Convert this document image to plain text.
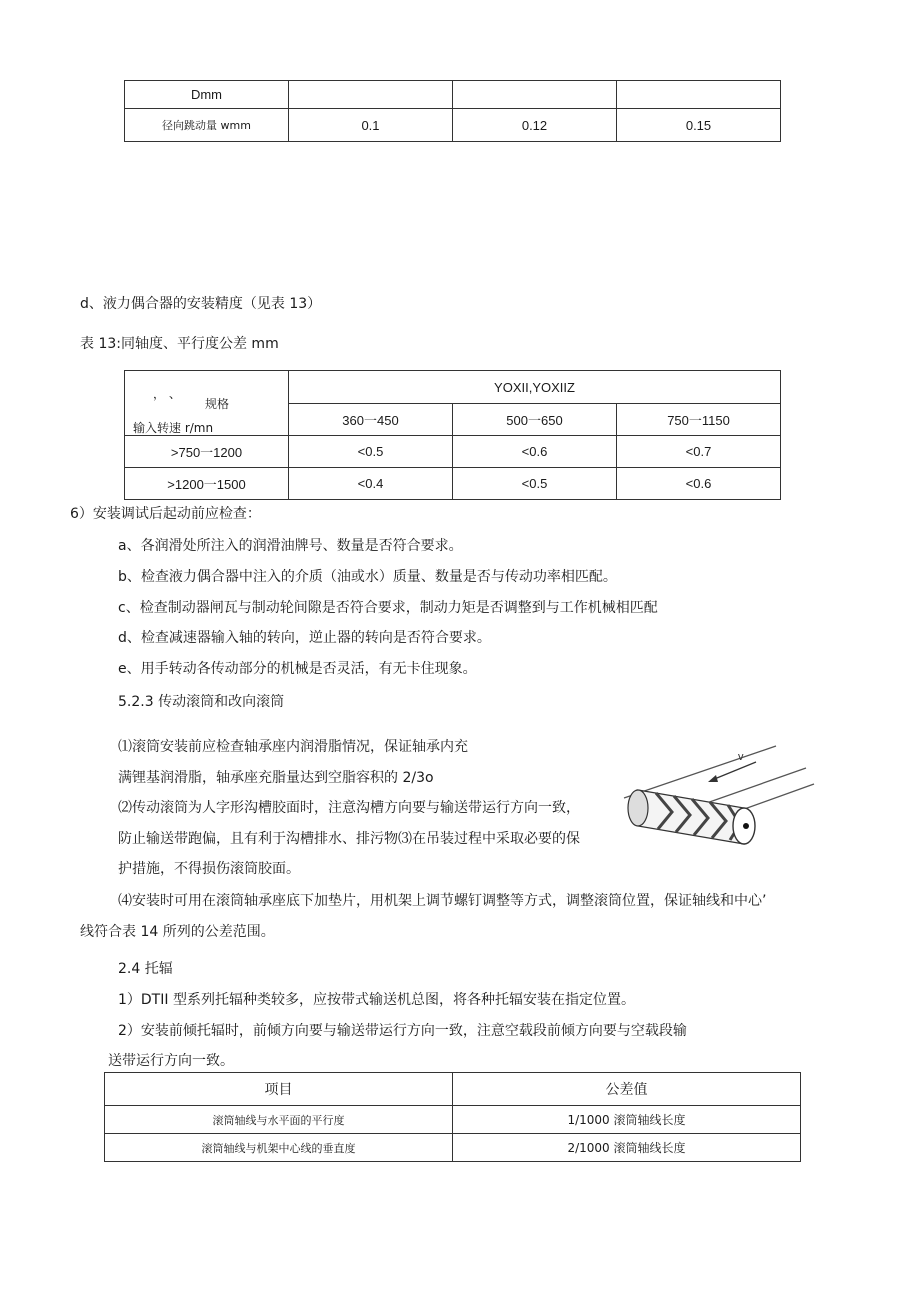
Dmm			
径向跳动量 wmm	0.1	0.12	0.15
d、液力偶合器的安装精度（见表 13）
表 13:同轴度、平行度公差 mm
， 、
规格
输入转速 r/mn	YOXII,YOXIIZ		
	360一450	500一650	750一1150
>750一1200	<0.5	<0.6	<0.7
>1200一1500	<0.4	<0.5	<0.6
6）安装调试后起动前应检查：
a、各润滑处所注入的润滑油牌号、数量是否符合要求。
b、检查液力偶合器中注入的介质（油或水）质量、数量是否与传动功率相匹配。
c、检查制动器闸瓦与制动轮间隙是否符合要求，制动力矩是否调整到与工作机械相匹配
d、检查减速器输入轴的转向，逆止器的转向是否符合要求。
e、用手转动各传动部分的机械是否灵活，有无卡住现象。
5.2.3 传动滚筒和改向滚筒
⑴滚筒安装前应检查轴承座内润滑脂情况，保证轴承内充
满锂基润滑脂，轴承座充脂量达到空脂容积的 2/3o
⑵传动滚筒为人字形沟槽胶面时，注意沟槽方向要与输送带运行方向一致，
防止输送带跑偏，且有利于沟槽排水、排污物⑶在吊装过程中采取必要的保
护措施，不得损伤滚筒胶面。
⑷安装时可用在滚筒轴承座底下加垫片，用机架上调节螺钉调整等方式，调整滚筒位置，保证轴线和中心’
线符合表 14 所列的公差范围。
v
2.4 托辐
1）DTII 型系列托辐种类较多，应按带式输送机总图，将各种托辐安装在指定位置。
2）安装前倾托辐时，前倾方向要与输送带运行方向一致，注意空载段前倾方向要与空载段输
送带运行方向一致。
项目	公差值
滚筒轴线与水平面的平行度	1/1000 滚筒轴线长度
滚筒轴线与机架中心线的垂直度	2/1000 滚筒轴线长度
